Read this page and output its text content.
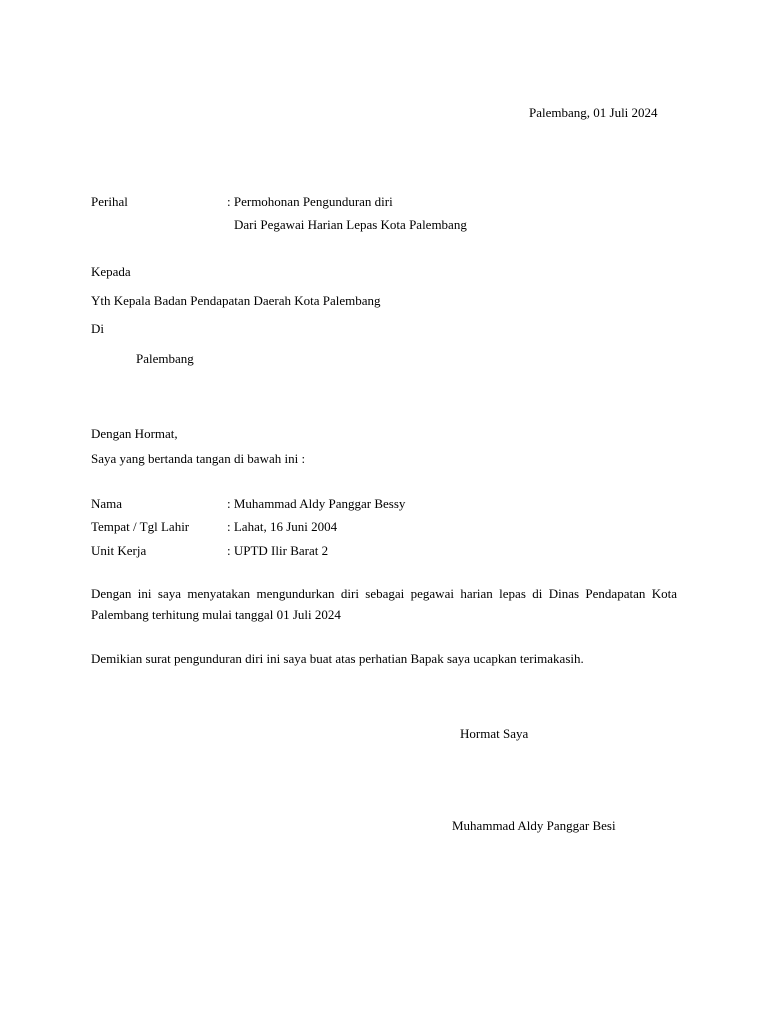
Palembang, 01 Juli 2024
Perihal	: Permohonan Pengunduran diri
Dari Pegawai Harian Lepas Kota Palembang
Kepada
Yth Kepala Badan Pendapatan Daerah Kota Palembang
Di
Palembang
Dengan Hormat,
Saya yang bertanda tangan di bawah ini :
Nama	: Muhammad Aldy Panggar Bessy
Tempat / Tgl Lahir	: Lahat, 16 Juni 2004
Unit Kerja	: UPTD Ilir Barat 2
Dengan ini saya menyatakan mengundurkan diri sebagai pegawai harian lepas di Dinas Pendapatan Kota Palembang terhitung mulai tanggal 01 Juli 2024
Demikian surat pengunduran diri ini saya buat atas perhatian Bapak saya ucapkan terimakasih.
Hormat Saya
Muhammad Aldy Panggar Besi
